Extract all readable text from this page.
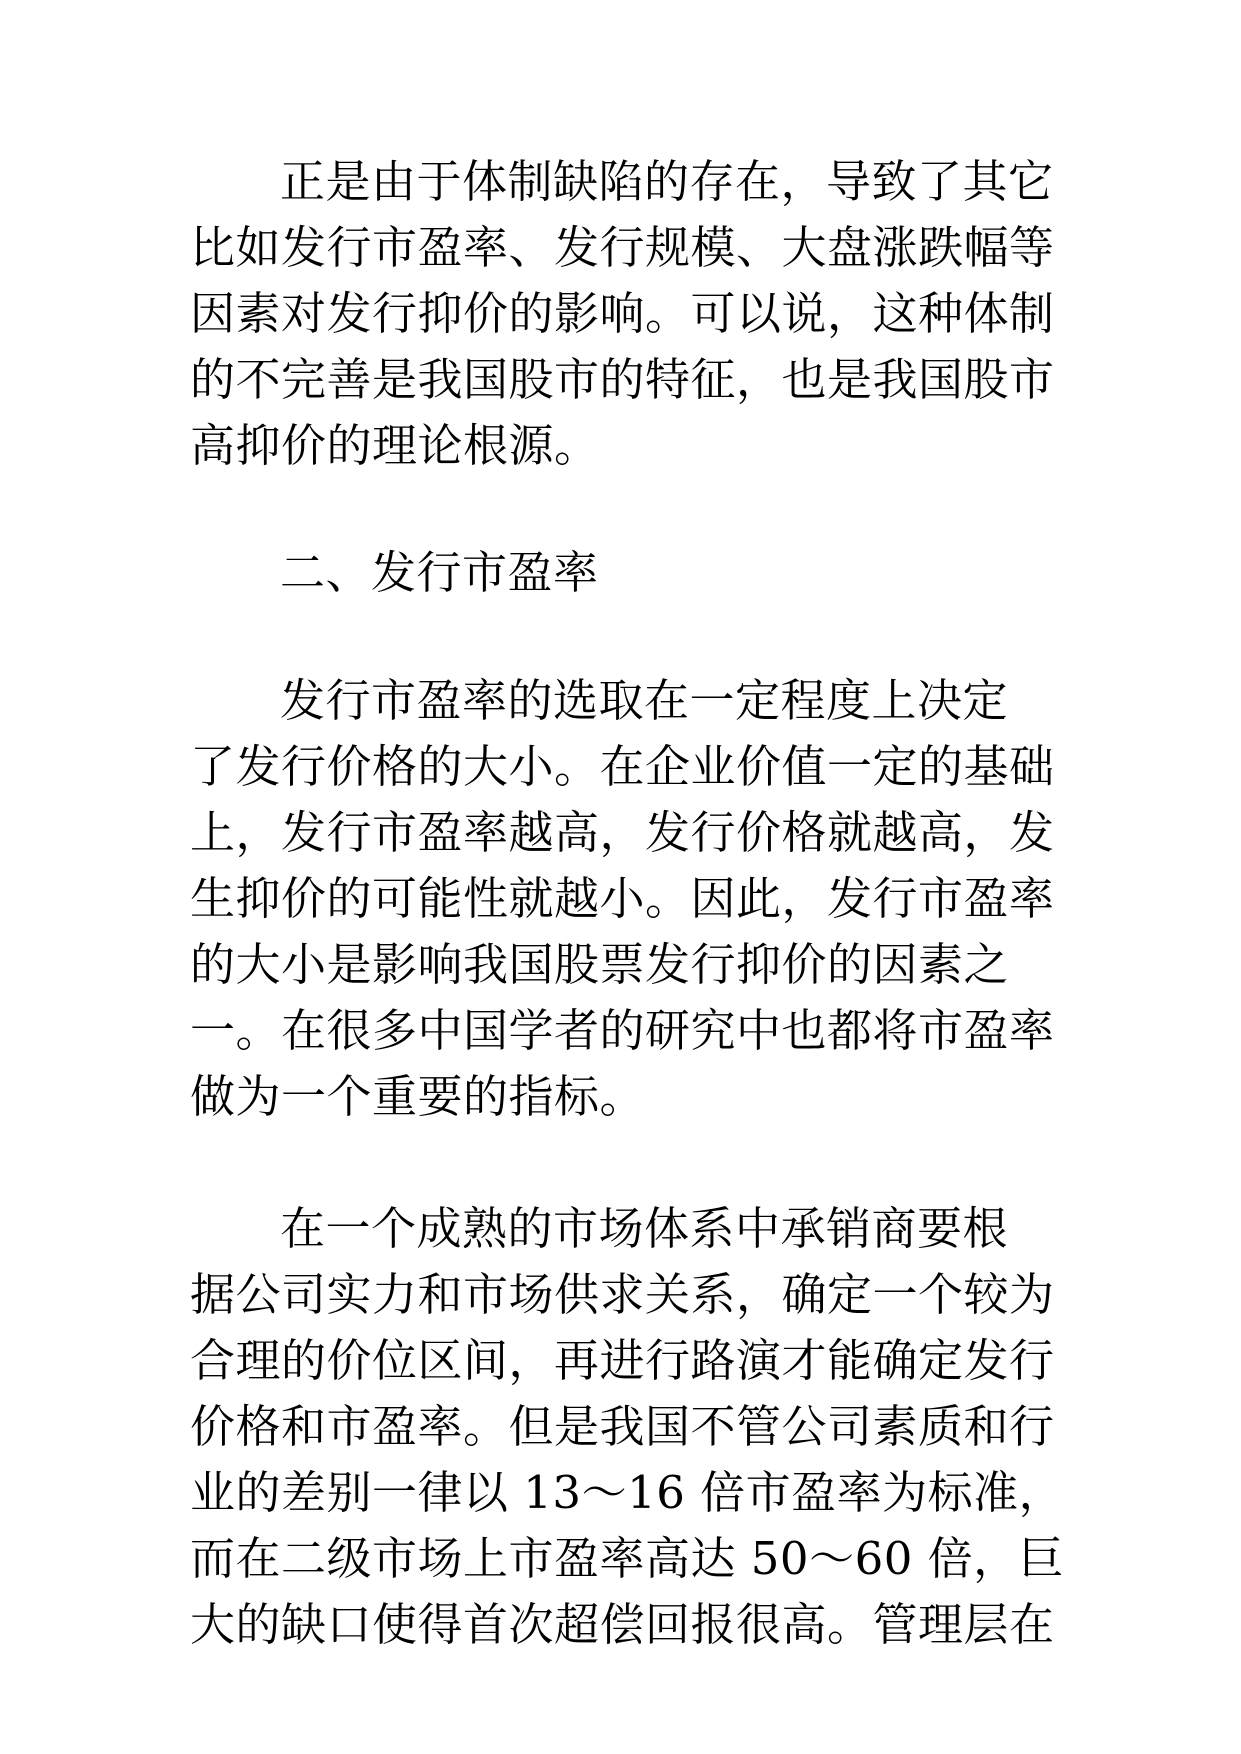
正是由于体制缺陷的存在，导致了其它
比如发行市盈率、发行规模、大盘涨跌幅等
因素对发行抑价的影响。可以说，这种体制
的不完善是我国股市的特征，也是我国股市
高抑价的理论根源。
二、发行市盈率
发行市盈率的选取在一定程度上决定
了发行价格的大小。在企业价值一定的基础
上，发行市盈率越高，发行价格就越高，发
生抑价的可能性就越小。因此，发行市盈率
的大小是影响我国股票发行抑价的因素之
一。在很多中国学者的研究中也都将市盈率
做为一个重要的指标。
在一个成熟的市场体系中承销商要根
据公司实力和市场供求关系，确定一个较为
合理的价位区间，再进行路演才能确定发行
价格和市盈率。但是我国不管公司素质和行
业的差别一律以 13～16 倍市盈率为标准，
而在二级市场上市盈率高达 50～60 倍，巨
大的缺口使得首次超偿回报很高。管理层在
